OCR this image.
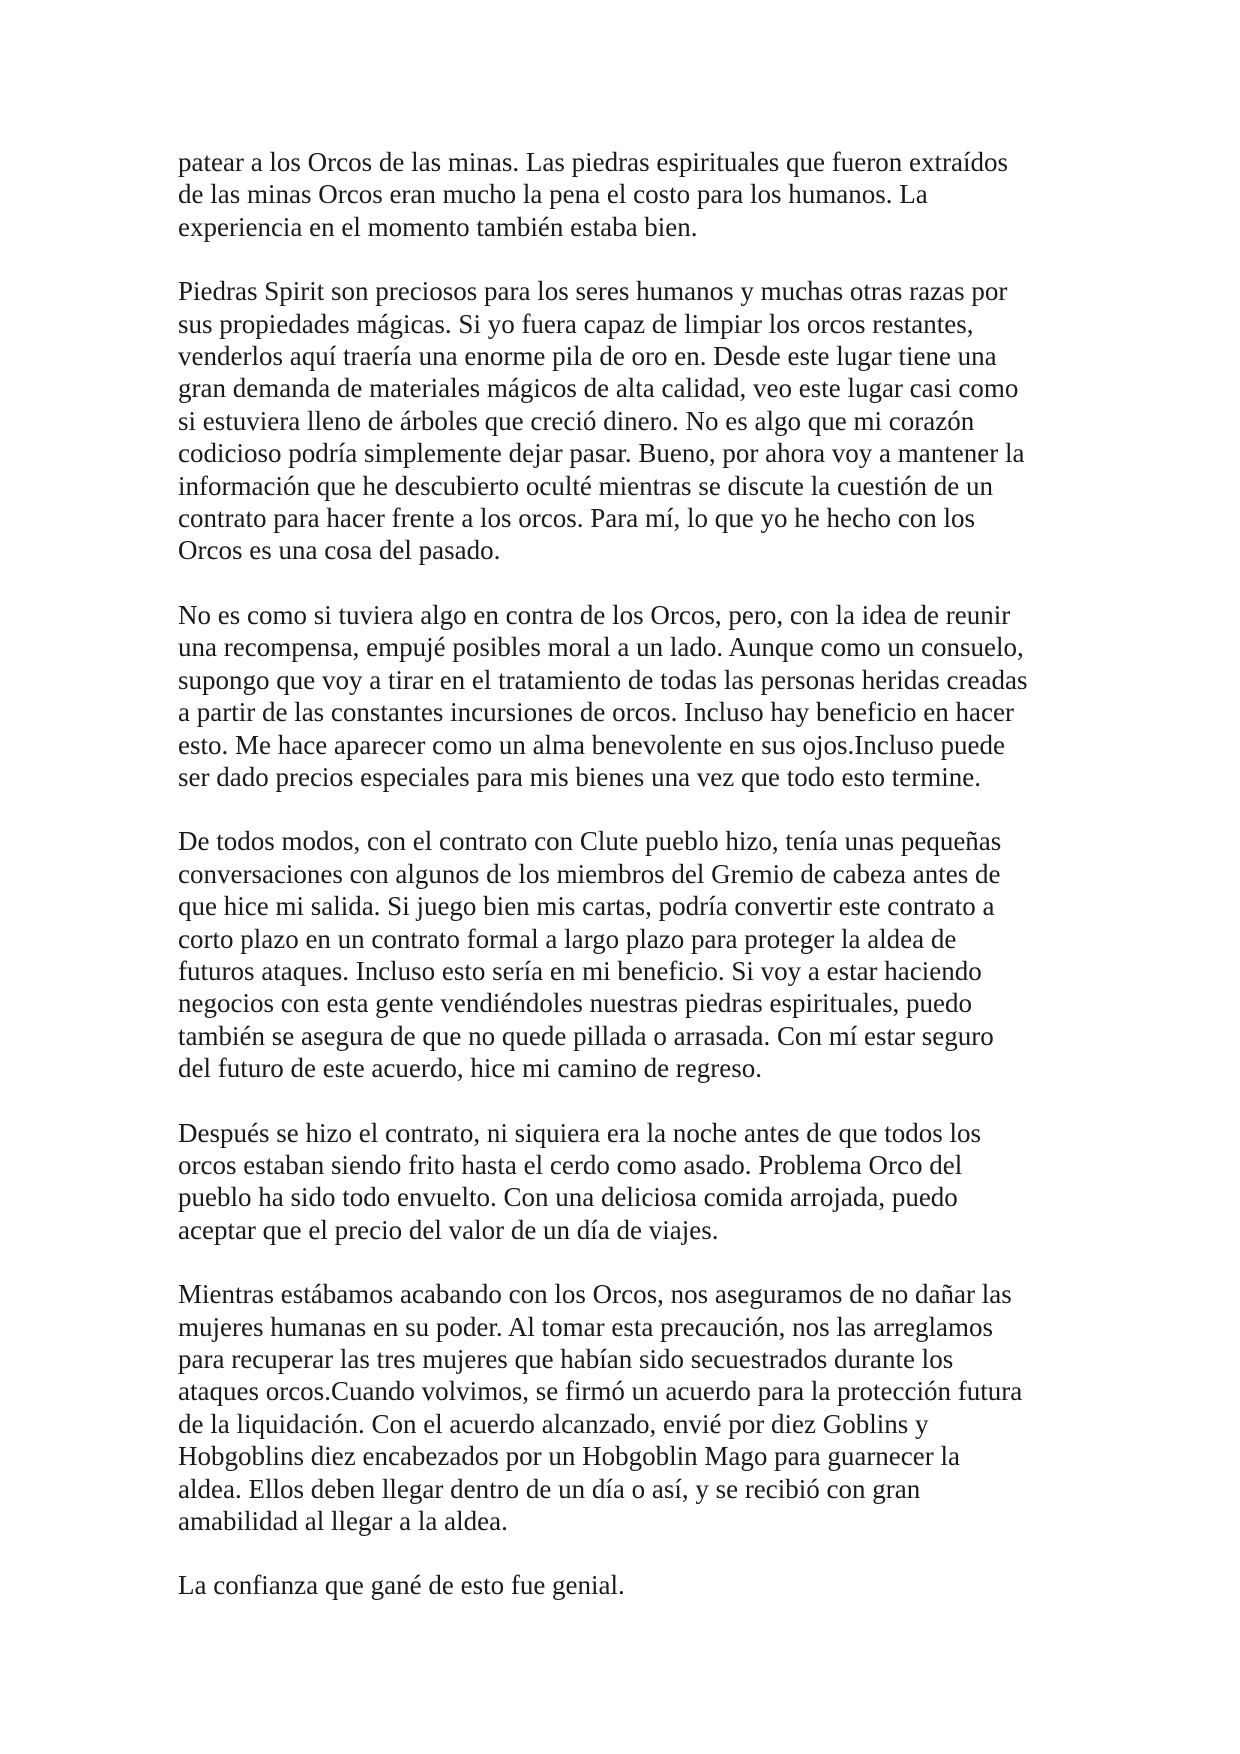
patear a los Orcos de las minas. Las piedras espirituales que fueron extraídos
de las minas Orcos eran mucho la pena el costo para los humanos. La
experiencia en el momento también estaba bien.

Piedras Spirit son preciosos para los seres humanos y muchas otras razas por
sus propiedades mágicas. Si yo fuera capaz de limpiar los orcos restantes,
venderlos aquí traería una enorme pila de oro en. Desde este lugar tiene una
gran demanda de materiales mágicos de alta calidad, veo este lugar casi como
si estuviera lleno de árboles que creció dinero. No es algo que mi corazón
codicioso podría simplemente dejar pasar. Bueno, por ahora voy a mantener la
información que he descubierto oculté mientras se discute la cuestión de un
contrato para hacer frente a los orcos. Para mí, lo que yo he hecho con los
Orcos es una cosa del pasado.

No es como si tuviera algo en contra de los Orcos, pero, con la idea de reunir
una recompensa, empujé posibles moral a un lado. Aunque como un consuelo,
supongo que voy a tirar en el tratamiento de todas las personas heridas creadas
a partir de las constantes incursiones de orcos. Incluso hay beneficio en hacer
esto. Me hace aparecer como un alma benevolente en sus ojos.Incluso puede
ser dado precios especiales para mis bienes una vez que todo esto termine.

De todos modos, con el contrato con Clute pueblo hizo, tenía unas pequeñas
conversaciones con algunos de los miembros del Gremio de cabeza antes de
que hice mi salida. Si juego bien mis cartas, podría convertir este contrato a
corto plazo en un contrato formal a largo plazo para proteger la aldea de
futuros ataques. Incluso esto sería en mi beneficio. Si voy a estar haciendo
negocios con esta gente vendiéndoles nuestras piedras espirituales, puedo
también se asegura de que no quede pillada o arrasada. Con mí estar seguro
del futuro de este acuerdo, hice mi camino de regreso.

Después se hizo el contrato, ni siquiera era la noche antes de que todos los
orcos estaban siendo frito hasta el cerdo como asado. Problema Orco del
pueblo ha sido todo envuelto. Con una deliciosa comida arrojada, puedo
aceptar que el precio del valor de un día de viajes.

Mientras estábamos acabando con los Orcos, nos aseguramos de no dañar las
mujeres humanas en su poder. Al tomar esta precaución, nos las arreglamos
para recuperar las tres mujeres que habían sido secuestrados durante los
ataques orcos.Cuando volvimos, se firmó un acuerdo para la protección futura
de la liquidación. Con el acuerdo alcanzado, envié por diez Goblins y
Hobgoblins diez encabezados por un Hobgoblin Mago para guarnecer la
aldea. Ellos deben llegar dentro de un día o así, y se recibió con gran
amabilidad al llegar a la aldea.

La confianza que gané de esto fue genial.
